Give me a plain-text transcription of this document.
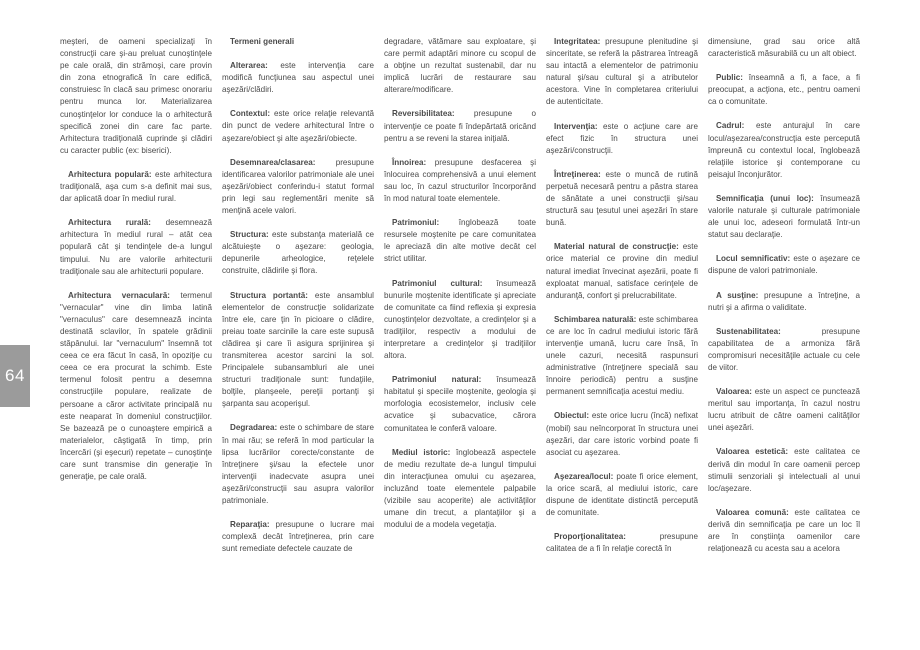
64

meşteri, de oameni specializaţi în construcţii care şi-au preluat cunoştinţele pe cale orală, din strămoşi, care provin din zona etnografică în care edifică, construiesc în clacă sau primesc onorariu pentru munca lor. Materializarea cunoştinţelor lor conduce la o arhitectură specifică zonei din care fac parte. Arhitectura tradiţională cuprinde şi clădiri cu caracter public (ex: biserici).

Arhitectura populară: este arhitectura tradiţională, aşa cum s-a definit mai sus, dar aplicată doar în mediul rural.

Arhitectura rurală: desemnează arhitectura în mediul rural – atât cea populară cât şi tendinţele de-a lungul timpului. Nu are valorile arhitecturii tradiţionale sau ale arhitecturii populare.

Arhitectura vernaculară: termenul "vernacular" vine din limba latină "vernaculus" care desemnează incinta destinată sclavilor, în spatele grădinii stăpânului. Iar "vernaculum" însemnă tot ceea ce era făcut în casă, în opoziţie cu ceea ce era procurat la schimb. Este termenul folosit pentru a desemna construcţiile populare, realizate de persoane a căror activitate principală nu este neaparat în domeniul construcţiilor. Se bazează pe o cunoaştere empirică a materialelor, câştigată în timp, prin încercări (şi eşecuri) repetate – cunoştinţe care sunt transmise din generaţie în generaţie, pe cale orală.

Termeni generali

Alterarea: este intervenţia care modifică funcţiunea sau aspectul unei aşezări/clădiri.

Contextul: este orice relaţie relevantă din punct de vedere arhitectural între o aşezare/obiect şi alte aşezări/obiecte.

Desemnarea/clasarea: presupune identificarea valorilor patrimoniale ale unei aşezări/obiect conferindu-i statut formal prin legi sau reglementări menite să menţină acele valori.

Structura: este substanţa materială ce alcătuieşte o aşezare: geologia, depunerile arheologice, reţelele construite, clădirile şi flora.

Structura portantă: este ansamblul elementelor de construcţie solidarizate între ele, care ţin în picioare o clădire, preiau toate sarcinile la care este supusă clădirea şi care îi asigura sprijinirea şi transmiterea acestor sarcini la sol. Principalele subansambluri ale unei structuri tradiţionale sunt: fundaţiile, bolţile, planşeele, pereţii portanţi şi şarpanta sau acoperişul.

Degradarea: este o schimbare de stare în mai rău; se referă în mod particular la lipsa lucrărilor corecte/constante de întreţinere şi/sau la efectele unor intervenţii inadecvate asupra unei aşezări/construcţii sau asupra valorilor patrimoniale.

Reparaţia: presupune o lucrare mai complexă decât întreţinerea, prin care sunt remediate defectele cauzate de

degradare, vătămare sau exploatare, şi care permit adaptări minore cu scopul de a obţine un rezultat sustenabil, dar nu implică lucrări de restaurare sau alterare/modificare.

Reversibilitatea: presupune o intervenţie ce poate fi îndepărtată oricând pentru a se reveni la starea iniţială.

Înnoirea: presupune desfacerea şi înlocuirea comprehensivă a unui element sau loc, în cazul structurilor încorporând în mod natural toate elementele.

Patrimoniul: înglobează toate resursele moştenite pe care comunitatea le apreciază din alte motive decât cel strict utilitar.

Patrimoniul cultural: însumează bunurile moştenite identificate şi apreciate de comunitate ca fiind reflexia şi expresia cunoştinţelor dezvoltate, a credinţelor şi a tradiţiilor, respectiv a modului de interpretare a credinţelor şi tradiţiilor altora.

Patrimoniul natural: însumează habitatul şi speciile moştenite, geologia şi morfologia ecosistemelor, inclusiv cele acvatice şi subacvatice, cărora comunitatea le conferă valoare.

Mediul istoric: înglobează aspectele de mediu rezultate de-a lungul timpului din interacţiunea omului cu aşezarea, incluzând toate elementele palpabile (vizibile sau acoperite) ale activităţilor umane din trecut, a plantaţiilor şi a modului de a modela vegetaţia.

Integritatea: presupune plenitudine şi sinceritate, se referă la păstrarea întreagă sau intactă a elementelor de patrimoniu natural şi/sau cultural şi a atributelor acestora. Vine în completarea criteriului de autenticitate.

Intervenţia: este o acţiune care are efect fizic în structura unei aşezări/construcţii.

Întreţinerea: este o muncă de rutină perpetuă necesară pentru a păstra starea de sănătate a unei construcţii şi/sau structură sau ţesutul unei aşezări în stare bună.

Material natural de construcţie: este orice material ce provine din mediul natural imediat învecinat aşezării, poate fi exploatat manual, satisface cerinţele de anduranţă, confort şi prelucrabilitate.

Schimbarea naturală: este schimbarea ce are loc în cadrul mediului istoric fără intervenţie umană, lucru care însă, în unele cazuri, necesită raspunsuri administrative (întreţinere specială sau înnoire periodică) pentru a susţine permanent semnificaţia acestui mediu.

Obiectul: este orice lucru (încă) nefixat (mobil) sau neîncorporat în structura unei aşezări, dar care istoric vorbind poate fi asociat cu aşezarea.

Aşezarea/locul: poate fi orice element, la orice scară, al mediului istoric, care dispune de identitate distinctă percepută de comunitate.

Proporţionalitatea: presupune calitatea de a fi în relaţie corectă în

dimensiune, grad sau orice altă caracteristică măsurabilă cu un alt obiect.

Public: înseamnă a fi, a face, a fi preocupat, a acţiona, etc., pentru oameni ca o comunitate.

Cadrul: este anturajul în care locul/aşezarea/construcţia este percepută împreună cu contextul local, înglobează relaţiile istorice şi contemporane cu peisajul înconjurător.

Semnificaţia (unui loc): însumează valorile naturale şi culturale patrimoniale ale unui loc, adeseori formulată într-un statut sau declaraţie.

Locul semnificativ: este o aşezare ce dispune de valori patrimoniale.

A susţine: presupune a întreţine, a nutri şi a afirma o validitate.

Sustenabilitatea: presupune capabilitatea de a armoniza fără compromisuri necesităţile actuale cu cele de viitor.

Valoarea: este un aspect ce punctează meritul sau importanţa, în cazul nostru lucru atribuit de către oameni calităţilor unei aşezări.

Valoarea estetică: este calitatea ce derivă din modul în care oamenii percep stimulii senzoriali şi intelectuali al unui loc/aşezare.

Valoarea comună: este calitatea ce derivă din semnificaţia pe care un loc îl are în conştiinţa oamenilor care relaţionează cu acesta sau a acelora
